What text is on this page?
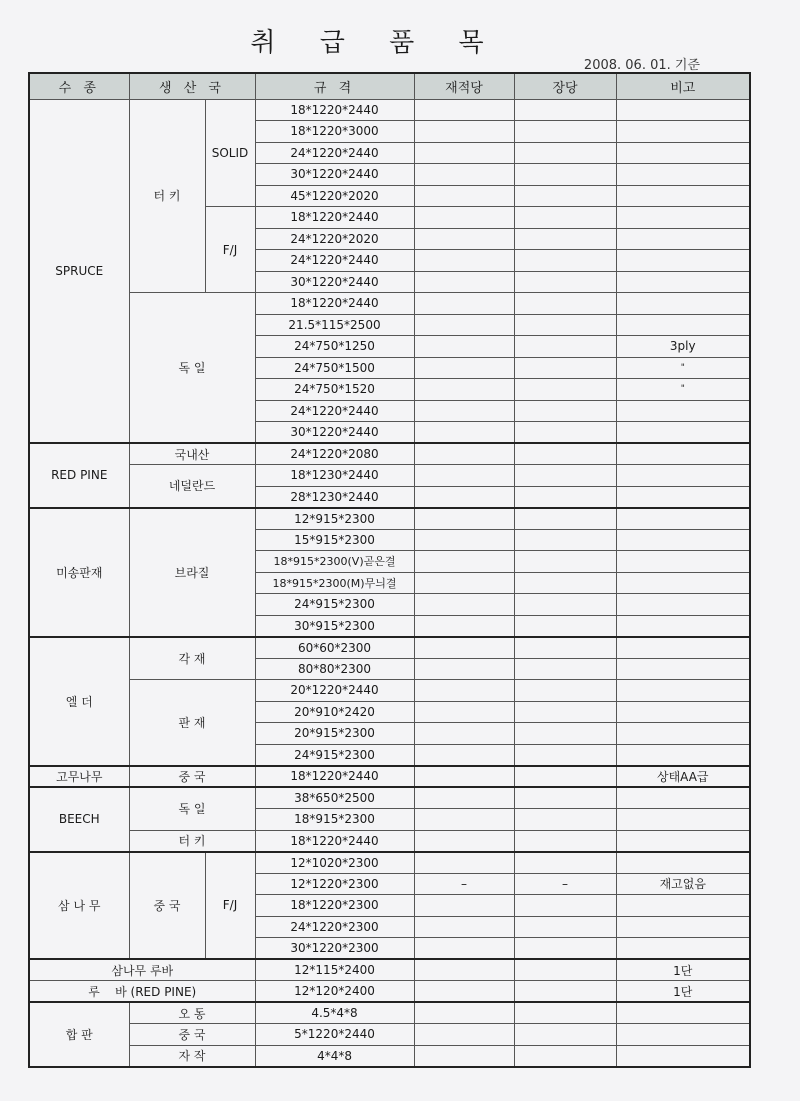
취 급 품 목
2008. 06. 01. 기준
수 종	생 산 국		규 격	재적당	장당	비고
SPRUCE	터 키	SOLID	18*1220*2440			
			18*1220*3000			
			24*1220*2440			
			30*1220*2440			
			45*1220*2020			
		F/J	18*1220*2440			
			24*1220*2020			
			24*1220*2440			
			30*1220*2440			
	독 일		18*1220*2440			
			21.5*115*2500			
			24*750*1250			3ply
			24*750*1500			"
			24*750*1520			"
			24*1220*2440			
			30*1220*2440			
RED PINE	국내산		24*1220*2080			
	네덜란드		18*1230*2440			
			28*1230*2440			
미송판재	브라질		12*915*2300			
			15*915*2300			
			18*915*2300(V)곧은결			
			18*915*2300(M)무늬결			
			24*915*2300			
			30*915*2300			
엘 더	각 재		60*60*2300			
			80*80*2300			
	판 재		20*1220*2440			
			20*910*2420			
			20*915*2300			
			24*915*2300			
고무나무	중 국		18*1220*2440			상태AA급
BEECH	독 일		38*650*2500			
			18*915*2300			
	터 키		18*1220*2440			
삼 나 무	중 국	F/J	12*1020*2300			
			12*1220*2300	–	–	재고없음
			18*1220*2300			
			24*1220*2300			
			30*1220*2300			
삼나무 루바			12*115*2400			1단
루    바 (RED PINE)			12*120*2400			1단
합 판	오 동		4.5*4*8			
	중 국		5*1220*2440			
	자 작		4*4*8			
